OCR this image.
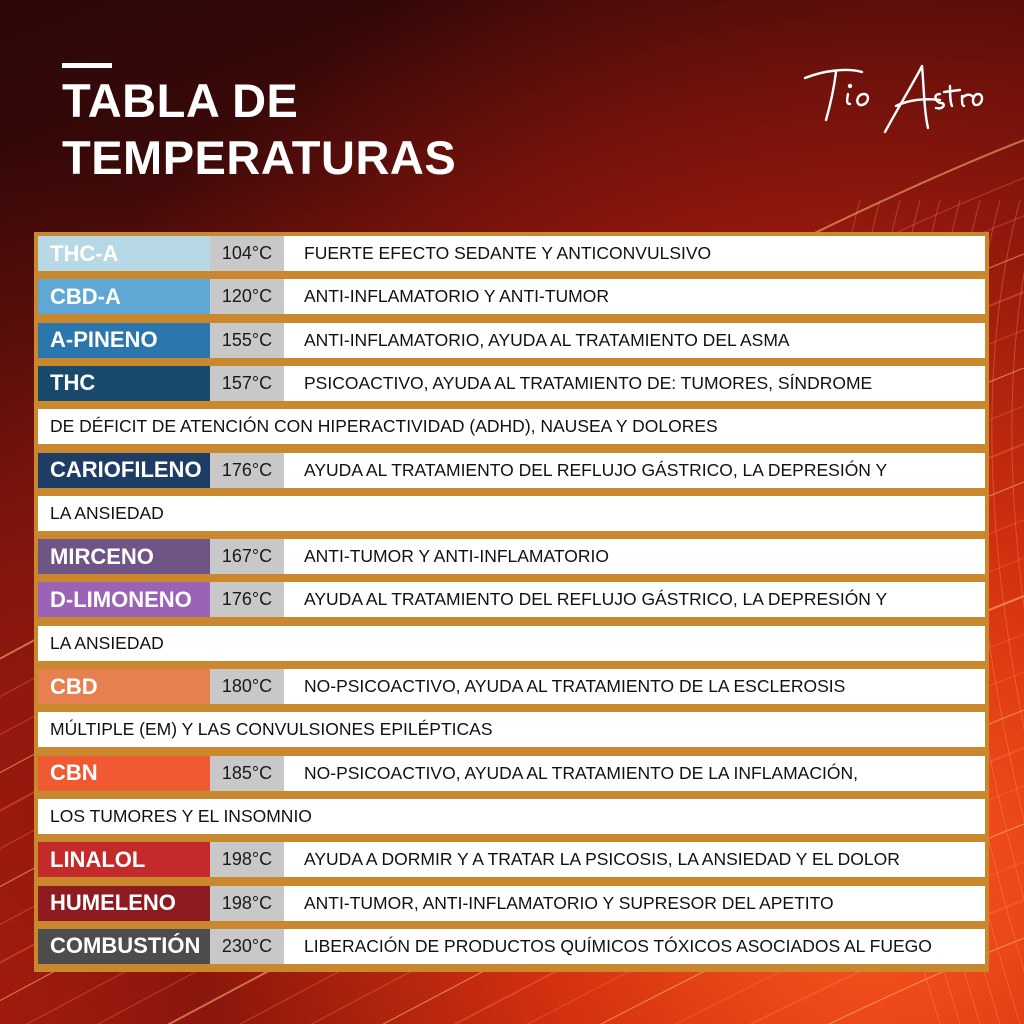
TABLA DE
TEMPERATURAS
THC-A	104°C	FUERTE EFECTO SEDANTE Y ANTICONVULSIVO
CBD-A	120°C	ANTI-INFLAMATORIO Y ANTI-TUMOR
A-PINENO	155°C	ANTI-INFLAMATORIO, AYUDA AL TRATAMIENTO DEL ASMA
THC	157°C	PSICOACTIVO, AYUDA AL TRATAMIENTO DE: TUMORES, SÍNDROME
DE DÉFICIT DE ATENCIÓN CON HIPERACTIVIDAD (ADHD), NAUSEA Y DOLORES
CARIOFILENO	176°C	AYUDA AL TRATAMIENTO DEL REFLUJO GÁSTRICO, LA DEPRESIÓN Y
LA ANSIEDAD
MIRCENO	167°C	ANTI-TUMOR Y ANTI-INFLAMATORIO
D-LIMONENO	176°C	AYUDA AL TRATAMIENTO DEL REFLUJO GÁSTRICO, LA DEPRESIÓN Y
LA ANSIEDAD
CBD	180°C	NO-PSICOACTIVO, AYUDA AL TRATAMIENTO DE LA ESCLEROSIS
MÚLTIPLE (EM) Y LAS CONVULSIONES EPILÉPTICAS
CBN	185°C	NO-PSICOACTIVO, AYUDA AL TRATAMIENTO DE LA INFLAMACIÓN,
LOS TUMORES Y EL INSOMNIO
LINALOL	198°C	AYUDA A DORMIR Y A TRATAR LA PSICOSIS, LA ANSIEDAD Y EL DOLOR
HUMELENO	198°C	ANTI-TUMOR, ANTI-INFLAMATORIO Y SUPRESOR DEL APETITO
COMBUSTIÓN	230°C	LIBERACIÓN DE PRODUCTOS QUÍMICOS TÓXICOS ASOCIADOS AL FUEGO
